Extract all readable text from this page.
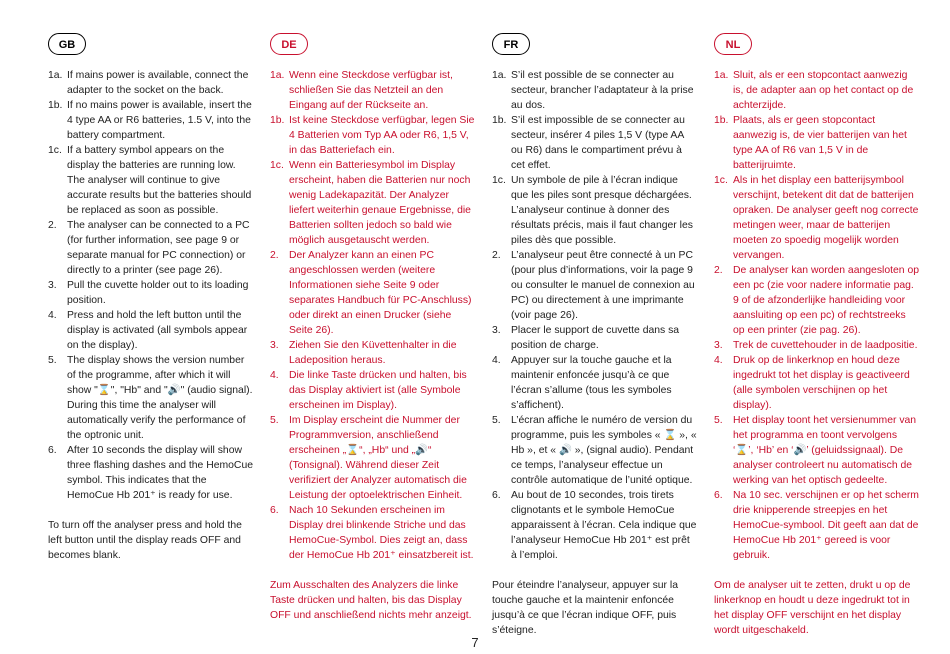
GB
1a. If mains power is available, connect the adapter to the socket on the back.
1b. If no mains power is available, insert the 4 type AA or R6 batteries, 1.5 V, into the battery compartment.
1c. If a battery symbol appears on the display the batteries are running low. The analyser will continue to give accurate results but the batteries should be replaced as soon as possible.
2. The analyser can be connected to a PC (for further information, see page 9 or separate manual for PC connection) or directly to a printer (see page 26).
3. Pull the cuvette holder out to its loading position.
4. Press and hold the left button until the display is activated (all symbols appear on the display).
5. The display shows the version number of the programme, after which it will show "⌛", "Hb" and "🔊" (audio signal). During this time the analyser will automatically verify the performance of the optronic unit.
6. After 10 seconds the display will show three flashing dashes and the HemoCue symbol. This indicates that the HemoCue Hb 201⁺ is ready for use.
To turn off the analyser press and hold the left button until the display reads OFF and becomes blank.
DE
1a. Wenn eine Steckdose verfügbar ist, schließen Sie das Netzteil an den Eingang auf der Rückseite an.
1b. Ist keine Steckdose verfügbar, legen Sie 4 Batterien vom Typ AA oder R6, 1,5 V, in das Batteriefach ein.
1c. Wenn ein Batteriesymbol im Display erscheint, haben die Batterien nur noch wenig Ladekapazität. Der Analyzer liefert weiterhin genaue Ergebnisse, die Batterien sollten jedoch so bald wie möglich ausgetauscht werden.
2. Der Analyzer kann an einen PC angeschlossen werden (weitere Informationen siehe Seite 9 oder separates Handbuch für PC-Anschluss) oder direkt an einen Drucker (siehe Seite 26).
3. Ziehen Sie den Küvettenhalter in die Ladeposition heraus.
4. Die linke Taste drücken und halten, bis das Display aktiviert ist (alle Symbole erscheinen im Display).
5. Im Display erscheint die Nummer der Programmversion, anschließend erscheinen „⌛“, „Hb“ und „🔊“ (Tonsignal). Während dieser Zeit verifiziert der Analyzer automatisch die Leistung der optoelektrischen Einheit.
6. Nach 10 Sekunden erscheinen im Display drei blinkende Striche und das HemoCue-Symbol. Dies zeigt an, dass der HemoCue Hb 201⁺ einsatzbereit ist.
Zum Ausschalten des Analyzers die linke Taste drücken und halten, bis das Display OFF und anschließend nichts mehr anzeigt.
FR
1a. S’il est possible de se connecter au secteur, brancher l’adaptateur à la prise au dos.
1b. S’il est impossible de se connecter au secteur, insérer 4 piles 1,5 V (type AA ou R6) dans le compartiment prévu à cet effet.
1c. Un symbole de pile à l’écran indique que les piles sont presque déchargées. L’analyseur continue à donner des résultats précis, mais il faut changer les piles dès que possible.
2. L’analyseur peut être connecté à un PC (pour plus d’informations, voir la page 9 ou consulter le manuel de connexion au PC) ou directement à une imprimante (voir page 26).
3. Placer le support de cuvette dans sa position de charge.
4. Appuyer sur la touche gauche et la maintenir enfoncée jusqu’à ce que l’écran s’allume (tous les symboles s’affichent).
5. L’écran affiche le numéro de version du programme, puis les symboles « ⌛ », « Hb », et « 🔊 », (signal audio). Pendant ce temps, l’analyseur effectue un contrôle automatique de l’unité optique.
6. Au bout de 10 secondes, trois tirets clignotants et le symbole HemoCue apparaissent à l’écran. Cela indique que l’analyseur HemoCue Hb 201⁺ est prêt à l’emploi.
Pour éteindre l’analyseur, appuyer sur la touche gauche et la maintenir enfoncée jusqu’à ce que l’écran indique OFF, puis s’éteigne.
NL
1a. Sluit, als er een stopcontact aanwezig is, de adapter aan op het contact op de achterzijde.
1b. Plaats, als er geen stopcontact aanwezig is, de vier batterijen van het type AA of R6 van 1,5 V in de batterijruimte.
1c. Als in het display een batterijsymbool verschijnt, betekent dit dat de batterijen opraken. De analyser geeft nog correcte metingen weer, maar de batterijen moeten zo spoedig mogelijk worden vervangen.
2. De analyser kan worden aangesloten op een pc (zie voor nadere informatie pag. 9 of de afzonderlijke handleiding voor aansluiting op een pc) of rechtstreeks op een printer (zie pag. 26).
3. Trek de cuvettehouder in de laadpositie.
4. Druk op de linkerknop en houd deze ingedrukt tot het display is geactiveerd (alle symbolen verschijnen op het display).
5. Het display toont het versienummer van het programma en toont vervolgens ‘⌛’, ‘Hb’ en ‘🔊’ (geluidssignaal). De analyser controleert nu automatisch de werking van het optisch gedeelte.
6. Na 10 sec. verschijnen er op het scherm drie knipperende streepjes en het HemoCue-symbool. Dit geeft aan dat de HemoCue Hb 201⁺ gereed is voor gebruik.
Om de analyser uit te zetten, drukt u op de linkerknop en houdt u deze ingedrukt tot in het display OFF verschijnt en het display wordt uitgeschakeld.
7
